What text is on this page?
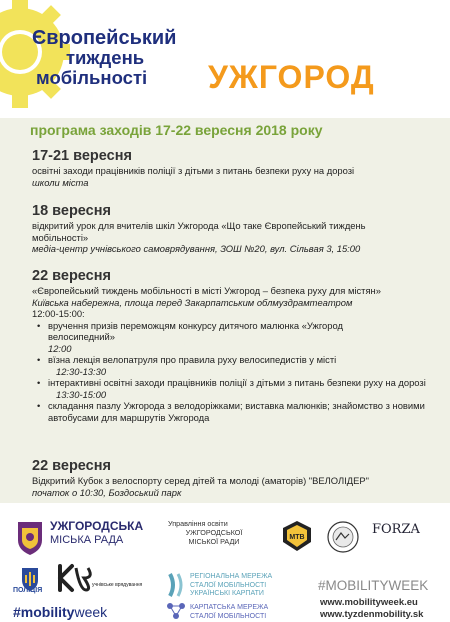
Європейський
тиждень
мобільності	УЖГОРОД
програма заходів 17-22 вересня 2018 року
17-21 вересня
освітні заходи працівників поліції з дітьми з питань безпеки руху на дорозі
школи міста
18 вересня
відкритий урок для вчителів шкіл Ужгорода «Що таке Європейський тиждень мобільності»
медіа-центр учнівського самоврядування, ЗОШ №20, вул. Сільвая 3, 15:00
22 вересня
«Європейський тиждень мобільності в місті Ужгород – безпека руху для містян»
Київська набережна, площа перед Закарпатським облмуздрамтеатром
12:00-15:00:
• вручення призів переможцям конкурсу дитячого малюнка «Ужгород велосипедний»
12:00
• вїзна лекція велопатруля про правила руху велосипедистів у місті
12:30-13:30
• інтерактивні освітні заходи працівників поліції з дітьми з питань безпеки руху на дорозі
13:30-15:00
• складання пазлу Ужгорода з велодоріжками; виставка малюнків; знайомство з новими автобусами для маршрутів Ужгорода
22 вересня
Відкритий Кубок з велоспорту серед дітей та молоді (аматорів) "ВЕЛОЛІДЕР"
початок о 10:30, Боздоський парк
УЖГОРОДСЬКА
МІСЬКА РАДА
Управління освіти
УЖГОРОДСЬКОЇ
МІСЬКОЇ РАДИ	MTB
FORZA
ПОЛІЦІЯ
учнівське врядування
#mobilityweek
РЕГІОНАЛЬНА МЕРЕЖА
СТАЛОЇ МОБІЛЬНОСТІ
УКРАЇНСЬКІ КАРПАТИ
КАРПАТСЬКА МЕРЕЖА
СТАЛОЇ МОБІЛЬНОСТІ
#MOBILITYWEEK
www.mobilityweek.eu
www.tyzdenmobility.sk
